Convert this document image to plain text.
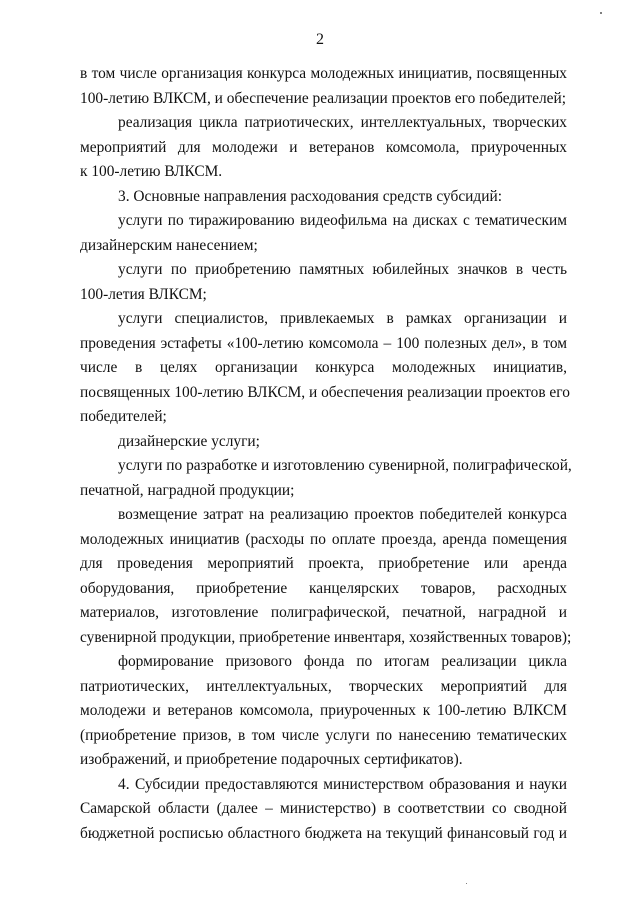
2
в том числе организация конкурса молодежных инициатив, посвященных
100-летию ВЛКСМ, и обеспечение реализации проектов его победителей;
реализация цикла патриотических, интеллектуальных, творческих
мероприятий для молодежи и ветеранов комсомола, приуроченных
к 100-летию ВЛКСМ.
3. Основные направления расходования средств субсидий:
услуги по тиражированию видеофильма на дисках с тематическим
дизайнерским нанесением;
услуги по приобретению памятных юбилейных значков в честь
100-летия ВЛКСМ;
услуги специалистов, привлекаемых в рамках организации и
проведения эстафеты «100-летию комсомола – 100 полезных дел», в том
числе в целях организации конкурса молодежных инициатив,
посвященных 100-летию ВЛКСМ, и обеспечения реализации проектов его
победителей;
дизайнерские услуги;
услуги по разработке и изготовлению сувенирной, полиграфической,
печатной, наградной продукции;
возмещение затрат на реализацию проектов победителей конкурса
молодежных инициатив (расходы по оплате проезда, аренда помещения
для проведения мероприятий проекта, приобретение или аренда
оборудования, приобретение канцелярских товаров, расходных
материалов, изготовление полиграфической, печатной, наградной и
сувенирной продукции, приобретение инвентаря, хозяйственных товаров);
формирование призового фонда по итогам реализации цикла
патриотических, интеллектуальных, творческих мероприятий для
молодежи и ветеранов комсомола, приуроченных к 100-летию ВЛКСМ
(приобретение призов, в том числе услуги по нанесению тематических
изображений, и приобретение подарочных сертификатов).
4. Субсидии предоставляются министерством образования и науки
Самарской области (далее – министерство) в соответствии со сводной
бюджетной росписью областного бюджета на текущий финансовый год и
